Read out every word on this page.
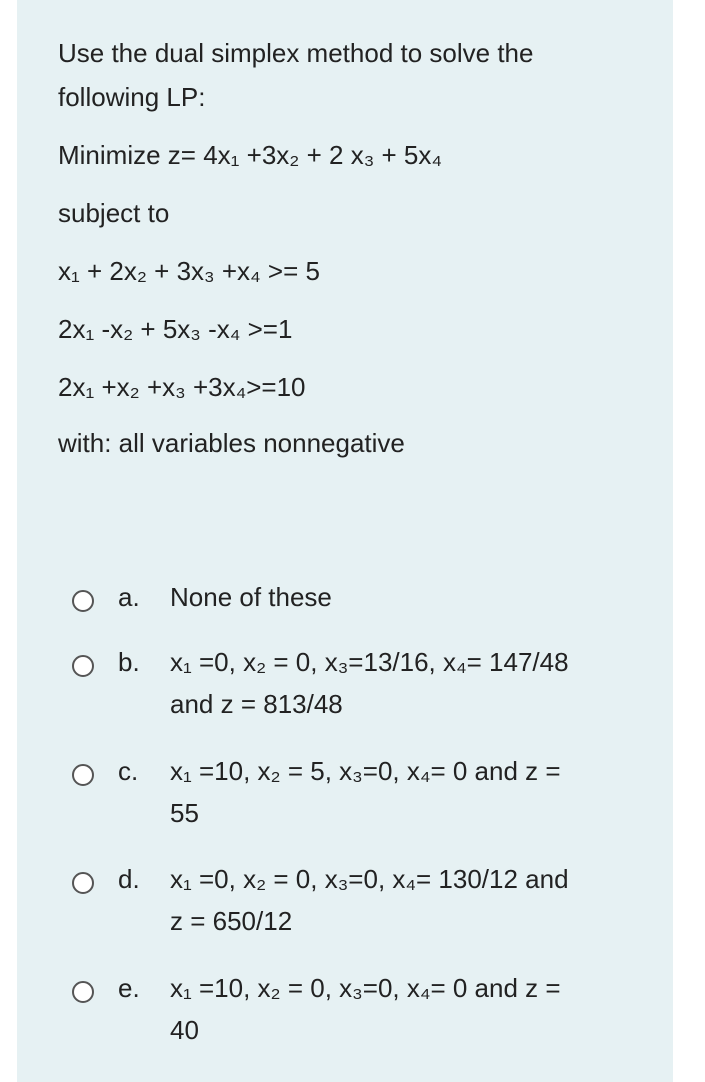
Use the dual simplex method to solve the
following LP:
Minimize z= 4x₁ +3x₂ + 2 x₃ + 5x₄
subject to
x₁ + 2x₂ + 3x₃ +x₄ >= 5
2x₁ -x₂ + 5x₃ -x₄ >=1
2x₁ +x₂ +x₃ +3x₄>=10
with: all variables nonnegative
a. None of these
b. x₁ =0, x₂ = 0, x₃=13/16, x₄= 147/48
and z = 813/48
c. x₁ =10, x₂ = 5, x₃=0, x₄= 0 and z =
55
d. x₁ =0, x₂ = 0, x₃=0, x₄= 130/12 and
z = 650/12
e. x₁ =10, x₂ = 0, x₃=0, x₄= 0 and z =
40
